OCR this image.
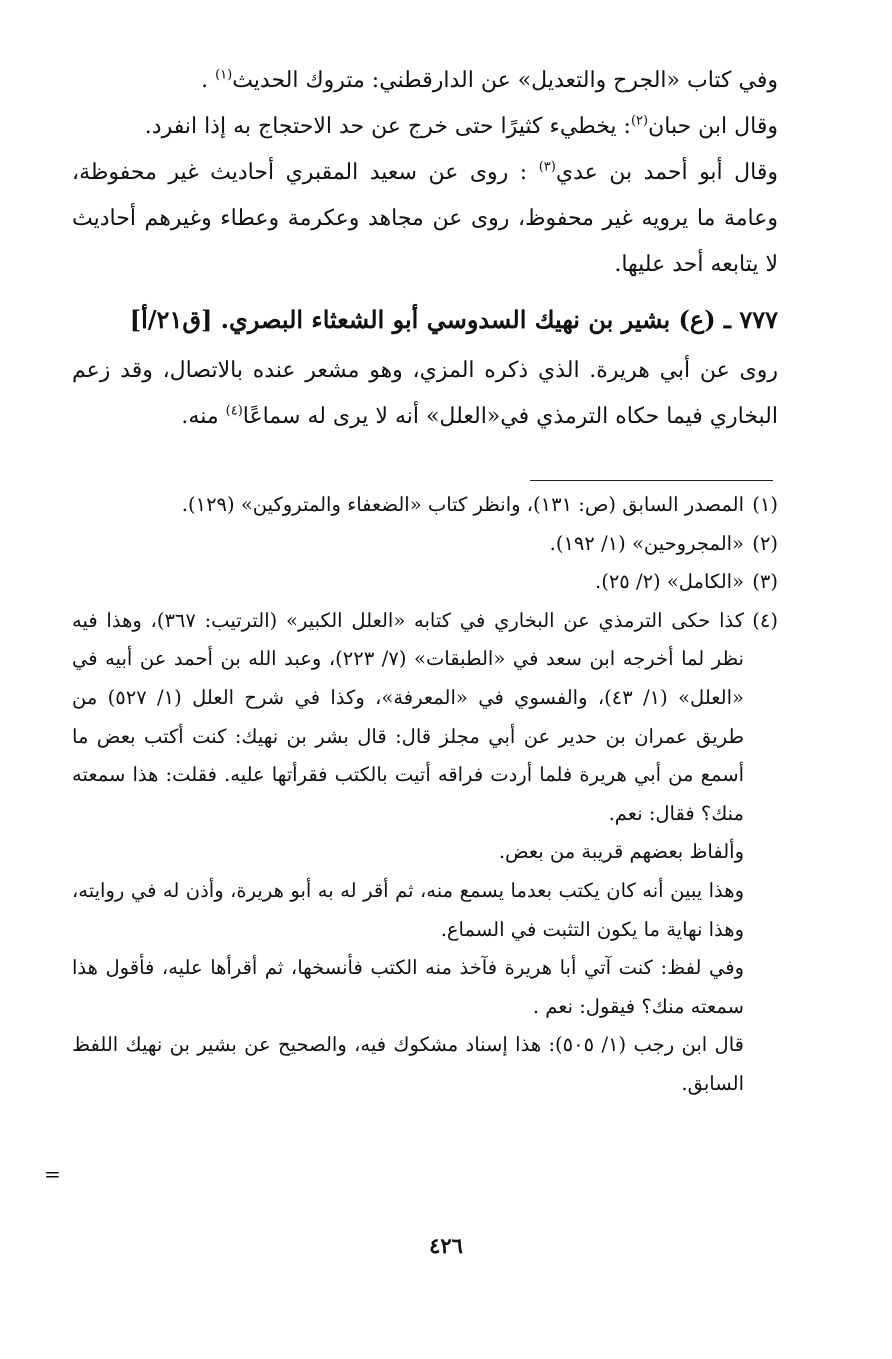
وفي كتاب «الجرح والتعديل» عن الدارقطني: متروك الحديث$^{(١)}$ .

وقال ابن حبان$^{(٢)}$: يخطيء كثيرًا حتى خرج عن حد الاحتجاج به إذا انفرد.

وقال أبو أحمد بن عدي$^{(٣)}$ : روى عن سعيد المقبري أحاديث غير محفوظة، وعامة ما يرويه غير محفوظ، روى عن مجاهد وعكرمة وعطاء وغيرهم أحاديث لا يتابعه أحد عليها.

٧٧٧ ـ (ع) بشير بن نهيك السدوسي أبو الشعثاء البصري. [ق٢١/أ]

روى عن أبي هريرة. الذي ذكره المزي، وهو مشعر عنده بالاتصال، وقد زعم البخاري فيما حكاه الترمذي في«العلل» أنه لا يرى له سماعًا$^{(٤)}$ منه.

(١)
المصدر السابق (ص: ١٣١)، وانظر كتاب «الضعفاء والمتروكين» (١٢٩).
(٢)
«المجروحين» (١/ ١٩٢).
(٣)
«الكامل» (٢/ ٢٥).
(٤)
كذا حكى الترمذي عن البخاري في كتابه «العلل الكبير» (الترتيب: ٣٦٧)، وهذا فيه نظر لما أخرجه ابن سعد في «الطبقات» (٧/ ٢٢٣)، وعبد الله بن أحمد عن أبيه في «العلل» (١/ ٤٣)، والفسوي في «المعرفة»، وكذا في شرح العلل (١/ ٥٢٧) من طريق عمران بن حدير عن أبي مجلز قال: قال بشر بن نهيك: كنت أكتب بعض ما أسمع من أبي هريرة فلما أردت فراقه أتيت بالكتب فقرأتها عليه. فقلت: هذا سمعته منك؟ فقال: نعم.

وألفاظ بعضهم قريبة من بعض.

وهذا يبين أنه كان يكتب بعدما يسمع منه، ثم أقر له به أبو هريرة، وأذن له في روايته، وهذا نهاية ما يكون التثبت في السماع.

وفي لفظ: كنت آتي أبا هريرة فآخذ منه الكتب فأنسخها، ثم أقرأها عليه، فأقول هذا سمعته منك؟ فيقول: نعم .

قال ابن رجب (١/ ٥٠٥): هذا إسناد مشكوك فيه، والصحيح عن بشير بن نهيك اللفظ السابق.

=
٤٢٦
